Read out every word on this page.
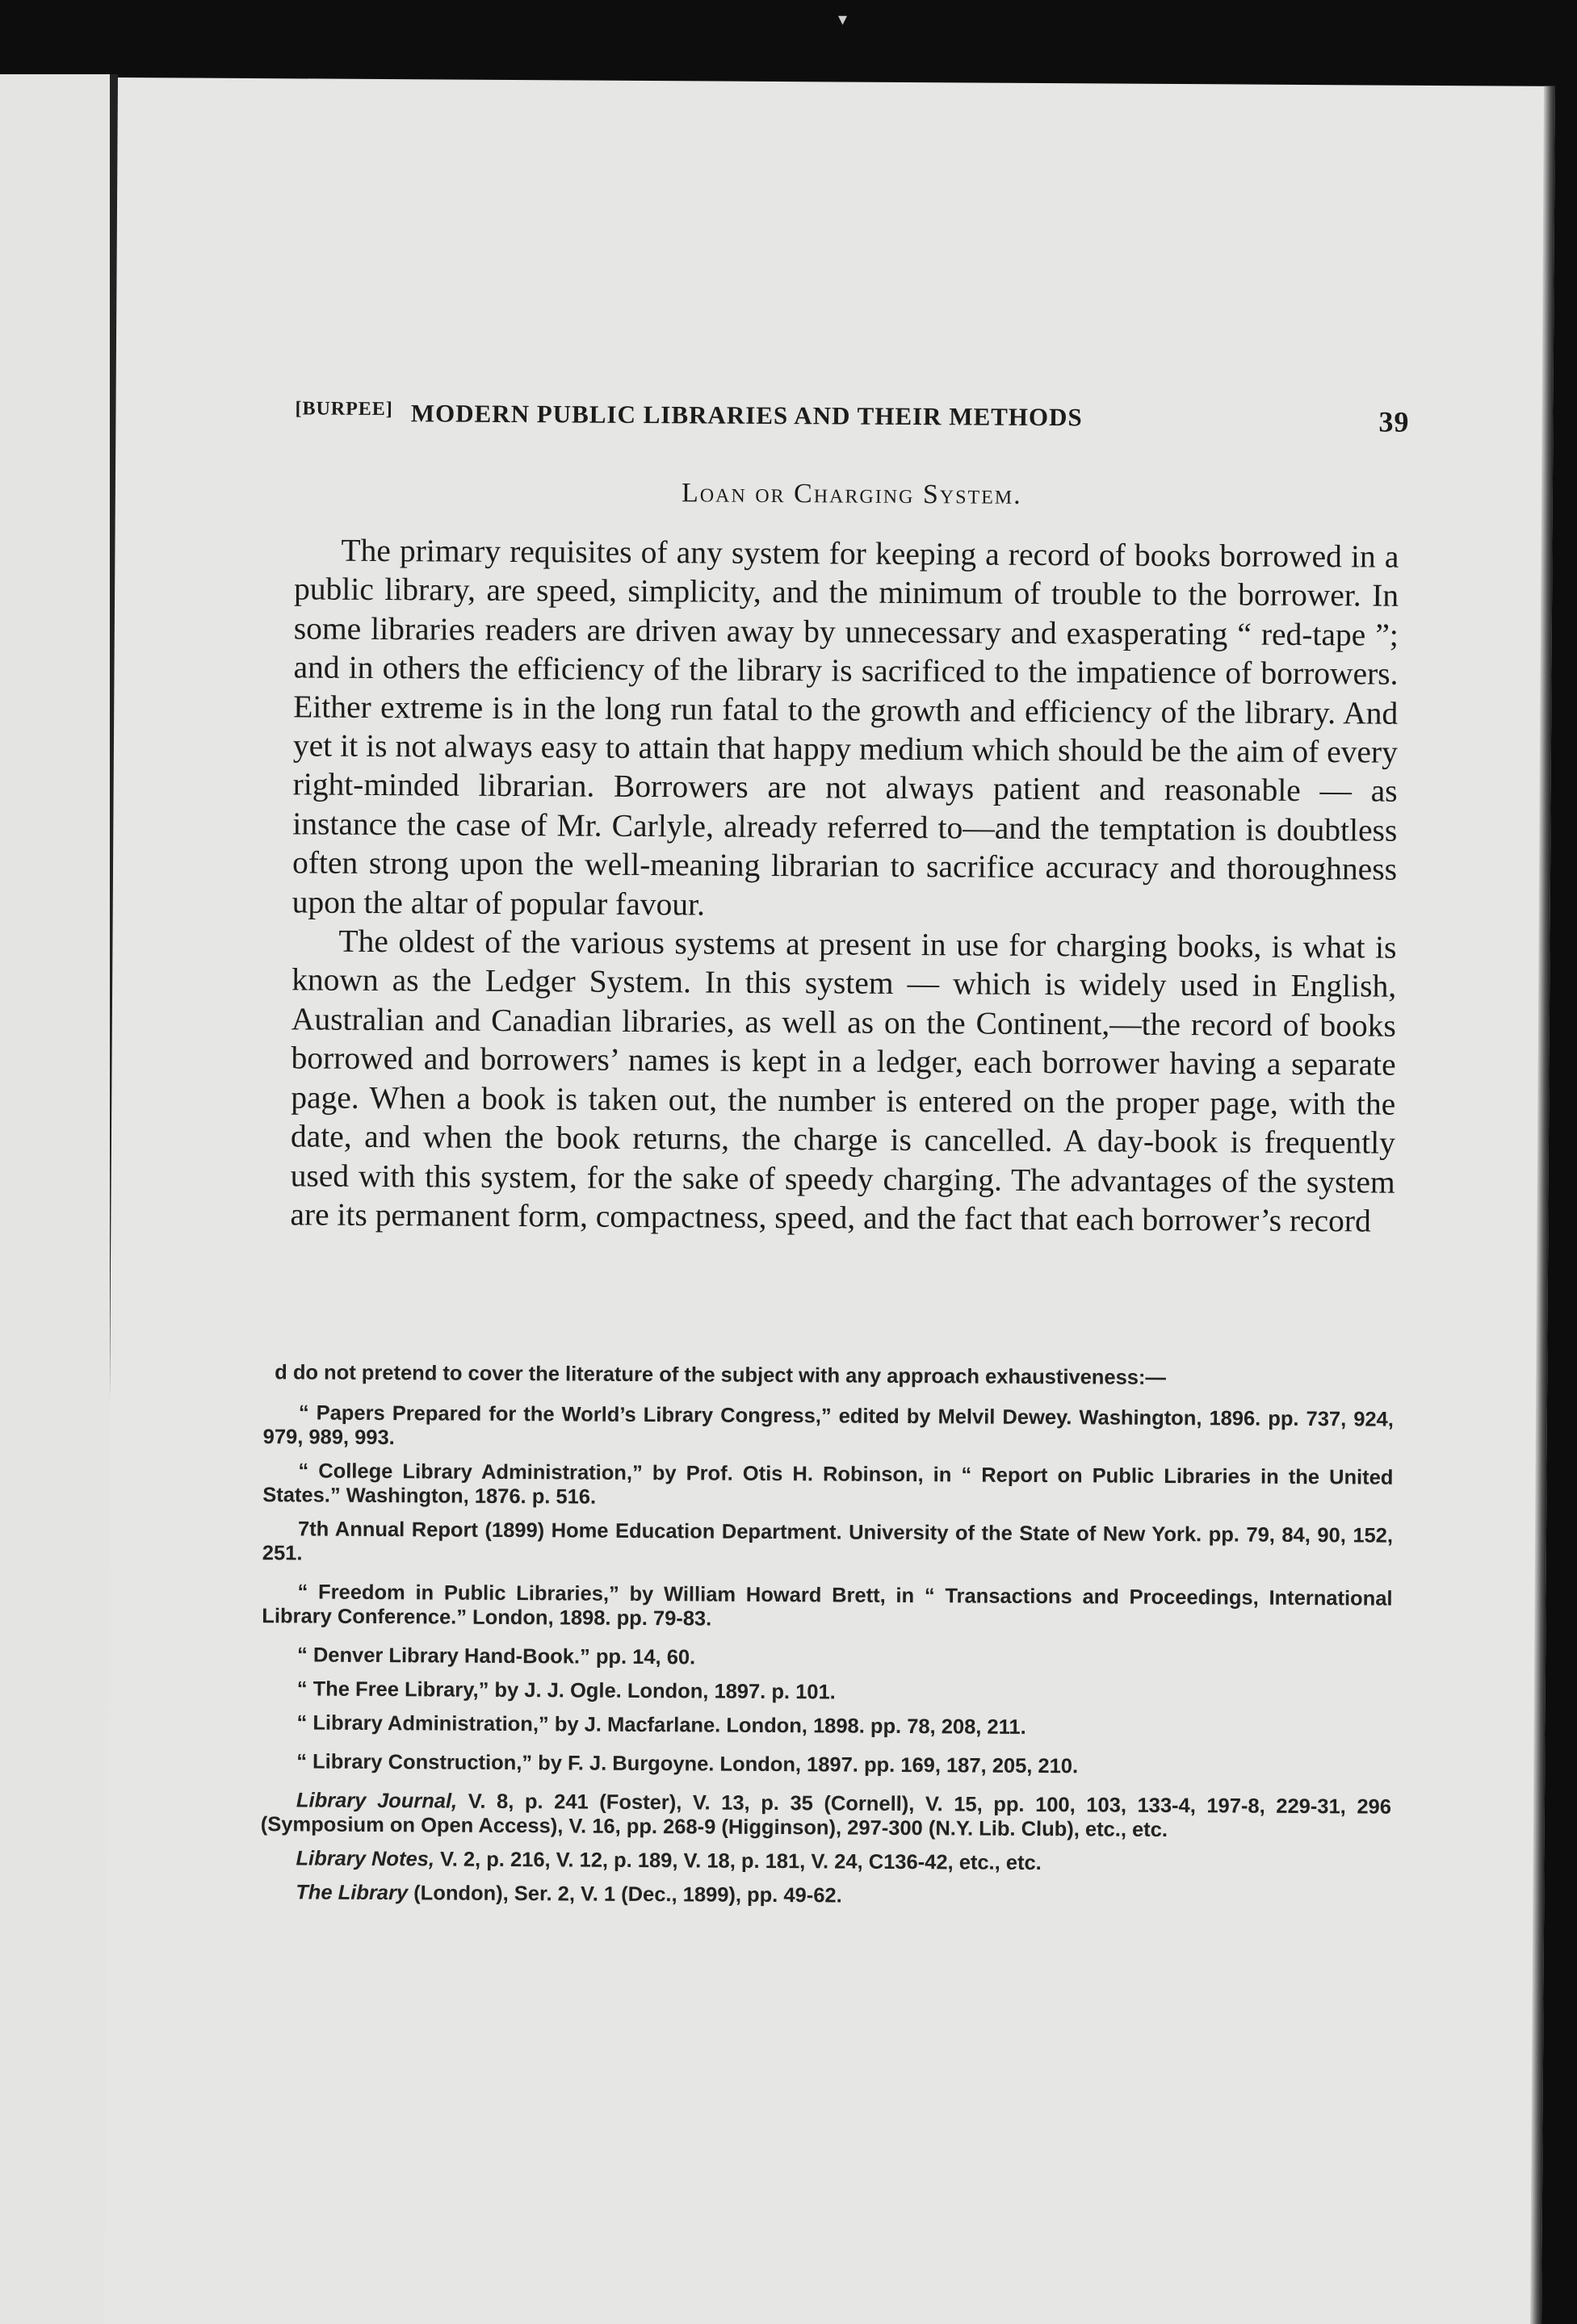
▾
[BURPEE] MODERN PUBLIC LIBRARIES AND THEIR METHODS	39
Loan or Charging System.

The primary requisites of any system for keeping a record of books borrowed in a public library, are speed, simplicity, and the minimum of trouble to the borrower. In some libraries readers are driven away by unnecessary and exasperating “ red-tape ”; and in others the efficiency of the library is sacrificed to the impatience of borrowers. Either extreme is in the long run fatal to the growth and efficiency of the library. And yet it is not always easy to attain that happy medium which should be the aim of every right-minded librarian. Borrowers are not always patient and reasonable — as instance the case of Mr. Carlyle, already referred to—and the temptation is doubtless often strong upon the well-meaning librarian to sacrifice accuracy and thoroughness upon the altar of popular favour.

The oldest of the various systems at present in use for charging books, is what is known as the Ledger System. In this system — which is widely used in English, Australian and Canadian libraries, as well as on the Continent,—the record of books borrowed and borrowers’ names is kept in a ledger, each borrower having a separate page. When a book is taken out, the number is entered on the proper page, with the date, and when the book returns, the charge is cancelled. A day-book is frequently used with this system, for the sake of speedy charging. The advantages of the system are its permanent form, compactness, speed, and the fact that each borrower’s record

d do not pretend to cover the literature of the subject with any approach exhaustiveness:—

“ Papers Prepared for the World’s Library Congress,” edited by Melvil Dewey. Washington, 1896. pp. 737, 924, 979, 989, 993.

“ College Library Administration,” by Prof. Otis H. Robinson, in “ Report on Public Libraries in the United States.” Washington, 1876. p. 516.

7th Annual Report (1899) Home Education Department. University of the State of New York. pp. 79, 84, 90, 152, 251.

“ Freedom in Public Libraries,” by William Howard Brett, in “ Transactions and Proceedings, International Library Conference.” London, 1898. pp. 79-83.

“ Denver Library Hand-Book.” pp. 14, 60.

“ The Free Library,” by J. J. Ogle. London, 1897. p. 101.

“ Library Administration,” by J. Macfarlane. London, 1898. pp. 78, 208, 211.

“ Library Construction,” by F. J. Burgoyne. London, 1897. pp. 169, 187, 205, 210.

Library Journal, V. 8, p. 241 (Foster), V. 13, p. 35 (Cornell), V. 15, pp. 100, 103, 133-4, 197-8, 229-31, 296 (Symposium on Open Access), V. 16, pp. 268-9 (Higginson), 297-300 (N.Y. Lib. Club), etc., etc.

Library Notes, V. 2, p. 216, V. 12, p. 189, V. 18, p. 181, V. 24, C136-42, etc., etc.

The Library (London), Ser. 2, V. 1 (Dec., 1899), pp. 49-62.
